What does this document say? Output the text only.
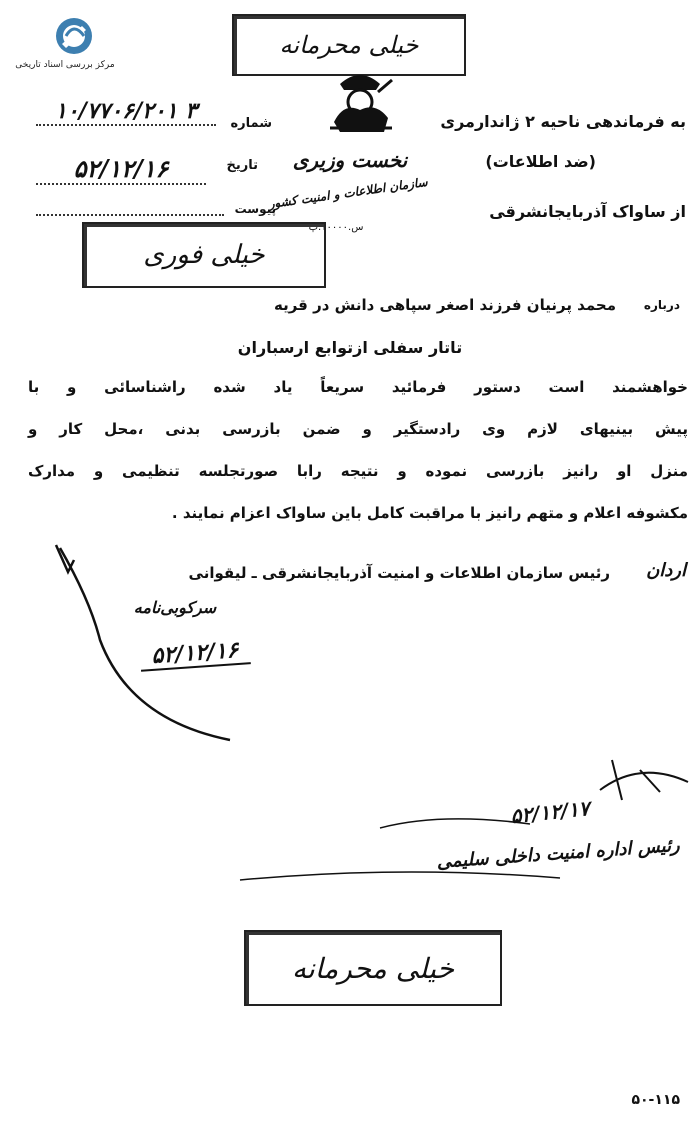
مرکز بررسی اسناد تاریخی
خیلی محرمانه
به فرماندهی ناحیه ۲ ژاندارمری
شماره
۳ ۱۰/۷۷۰۶/۲۰۱
تاریخ
۵۲/۱۲/۱۶
پیوست
(ضد اطلاعات)
نخست وزیری
سازمان اطلاعات و امنیت کشور
س.۱۰۰۰۰.پ
از ساواک آذربایجانشرقی
خیلی فوری
درباره
محمد پرنیان فرزند اصغر سپاهی دانش در قریه
تاتار سفلی ازتوابع ارسباران
خواهشمند است دستور فرمائید سریعاً یاد شده راشناسائی و با
پیش بینیهای لازم وی رادستگیر و ضمن بازرسی بدنی ،محل کار و
منزل او رانیز بازرسی نموده و نتیجه رابا صورتجلسه تنظیمی و مدارک
مکشوفه اعلام و متهم رانیز با مراقبت کامل باین ساواک اعزام نمایند .
اردان
رئیس سازمان اطلاعات و امنیت آذربایجانشرقی ـ لیقوانی
سرکوبی‌نامه
۵۲/۱۲/۱۶
۵۲/۱۲/۱۷
رئیس اداره امنیت داخلی سلیمی
خیلی محرمانه
۵۰-۱۱۵
